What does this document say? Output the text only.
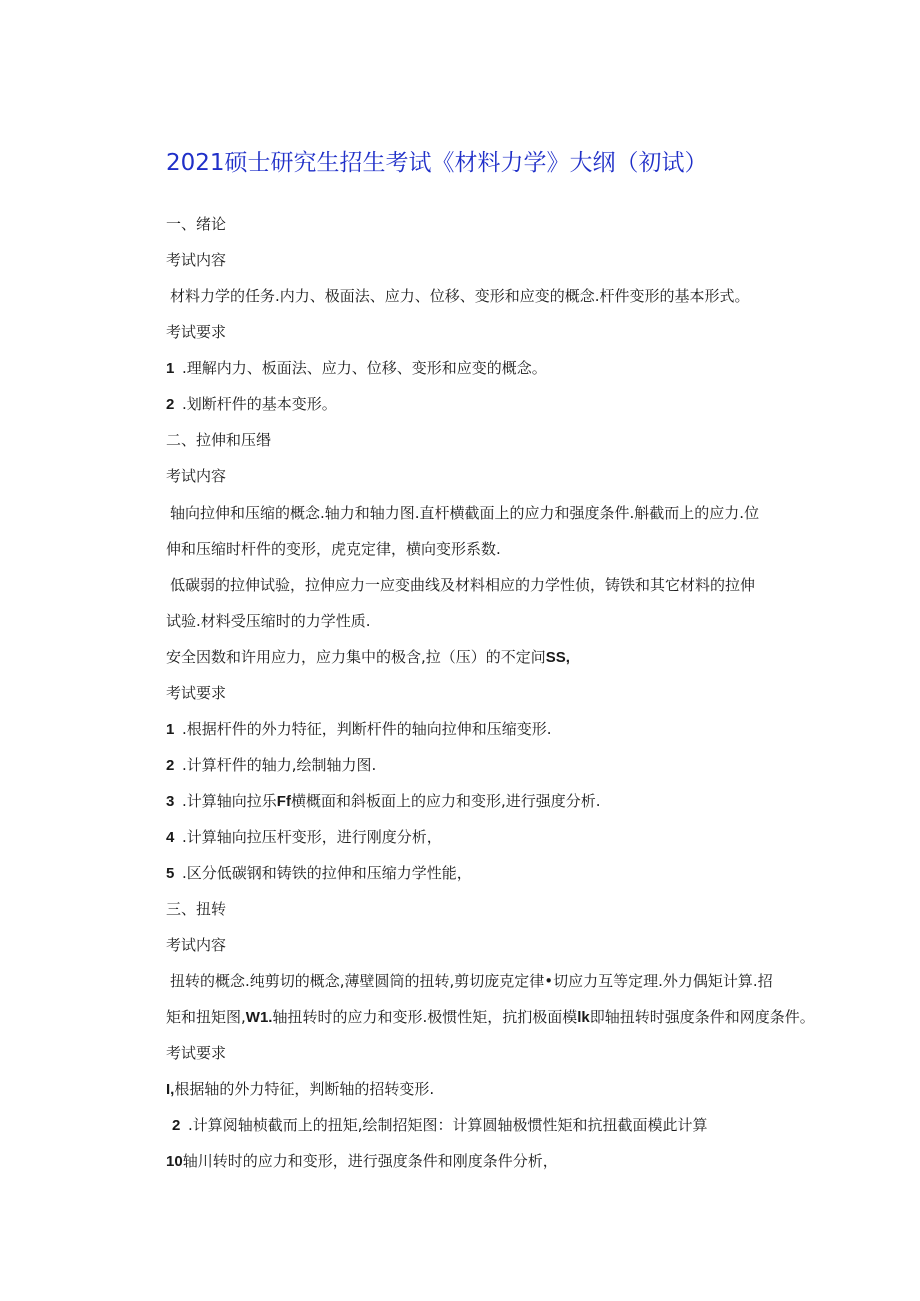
2021硕士研究生招生考试《材料力学》大纲（初试）
一、绪论
考试内容
材料力学的任务.内力、极面法、应力、位移、变形和应变的概念.杆件变形的基本形式。
考试要求
1 .理解内力、板面法、应力、位移、变形和应变的概念。
2 .划断杆件的基本变形。
二、拉伸和压缗
考试内容
轴向拉伸和压缩的概念.轴力和轴力图.直杆横截面上的应力和强度条件.斛截而上的应力.位
伸和压缩时杆件的变形，虎克定律，横向变形系数.
低碳弱的拉伸试验，拉伸应力一应变曲线及材料相应的力学性侦，铸铁和其它材料的拉伸
试验.材料受压缩时的力学性质.
安全因数和许用应力，应力集中的极含,拉（压）的不定问SS,
考试要求
1 .根据杆件的外力特征，判断杆件的轴向拉伸和压缩变形.
2 .计算杆件的轴力,绘制轴力图.
3 .计算轴向拉乐Ff横概面和斜板面上的应力和变形,进行强度分析.
4 .计算轴向拉压杆变形，进行刚度分析，
5 .区分低碳钢和铸铁的拉伸和压缩力学性能，
三、扭转
考试内容
扭转的概念.纯剪切的概念,薄壁圆筒的扭转,剪切庞克定律•切应力互等定理.外力偶矩计算.招
矩和扭矩图,W1.轴扭转时的应力和变形.极惯性矩，抗扪极面模lk即轴扭转时强度条件和网度条件。
考试要求
I,根据轴的外力特征，判断轴的招转变形.
2 .计算阅轴桢截而上的扭矩,绘制招矩图：计算圆轴极惯性矩和抗扭截面模此计算
10轴川转时的应力和变形，进行强度条件和刚度条件分析，
